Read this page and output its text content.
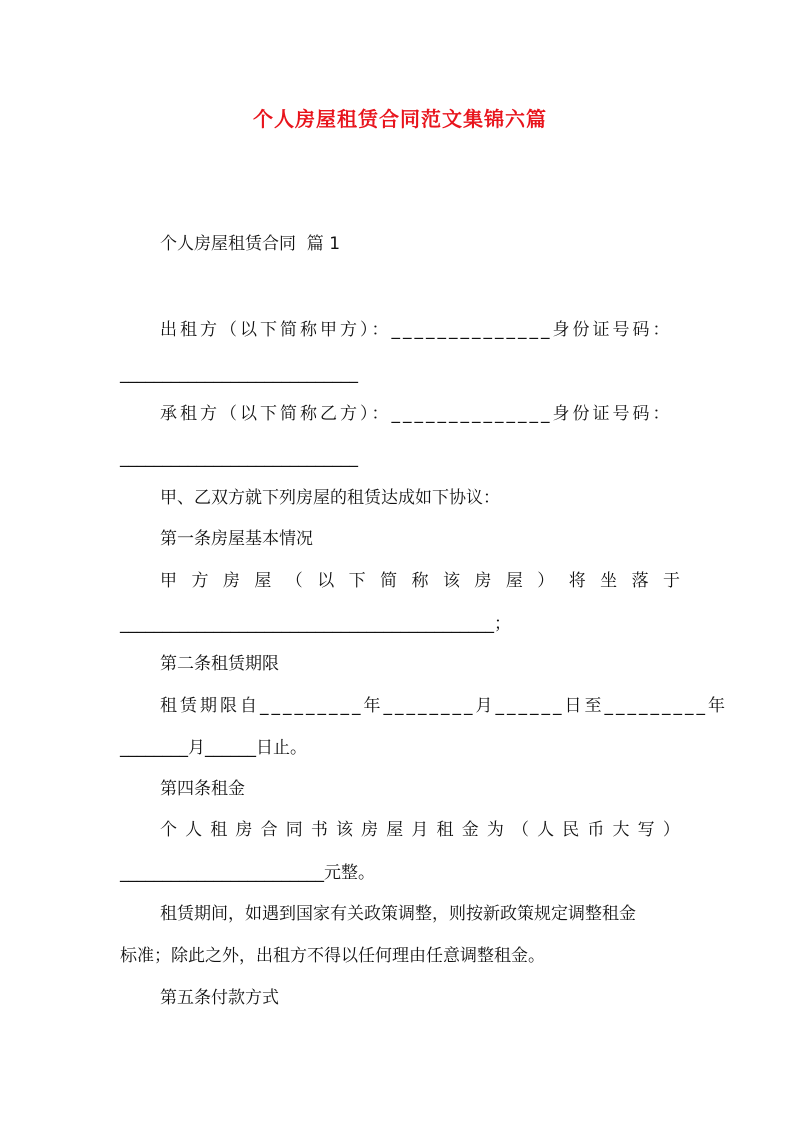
个人房屋租赁合同范文集锦六篇
个人房屋租赁合同  篇 1
出租方（以下简称甲方）：______________身份证号码：
____________________________
承租方（以下简称乙方）：______________身份证号码：
____________________________
甲、乙双方就下列房屋的租赁达成如下协议：
第一条房屋基本情况
甲 方 房 屋 （ 以 下 简 称 该 房 屋 ） 将 坐 落 于
____________________________________________；
第二条租赁期限
租赁期限自_________年________月______日至_________年
________月______日止。
第四条租金
个 人 租 房 合 同 书 该 房 屋 月 租 金 为 （ 人 民 币 大 写 ）
________________________元整。
租赁期间，如遇到国家有关政策调整，则按新政策规定调整租金
标准；除此之外，出租方不得以任何理由任意调整租金。
第五条付款方式
